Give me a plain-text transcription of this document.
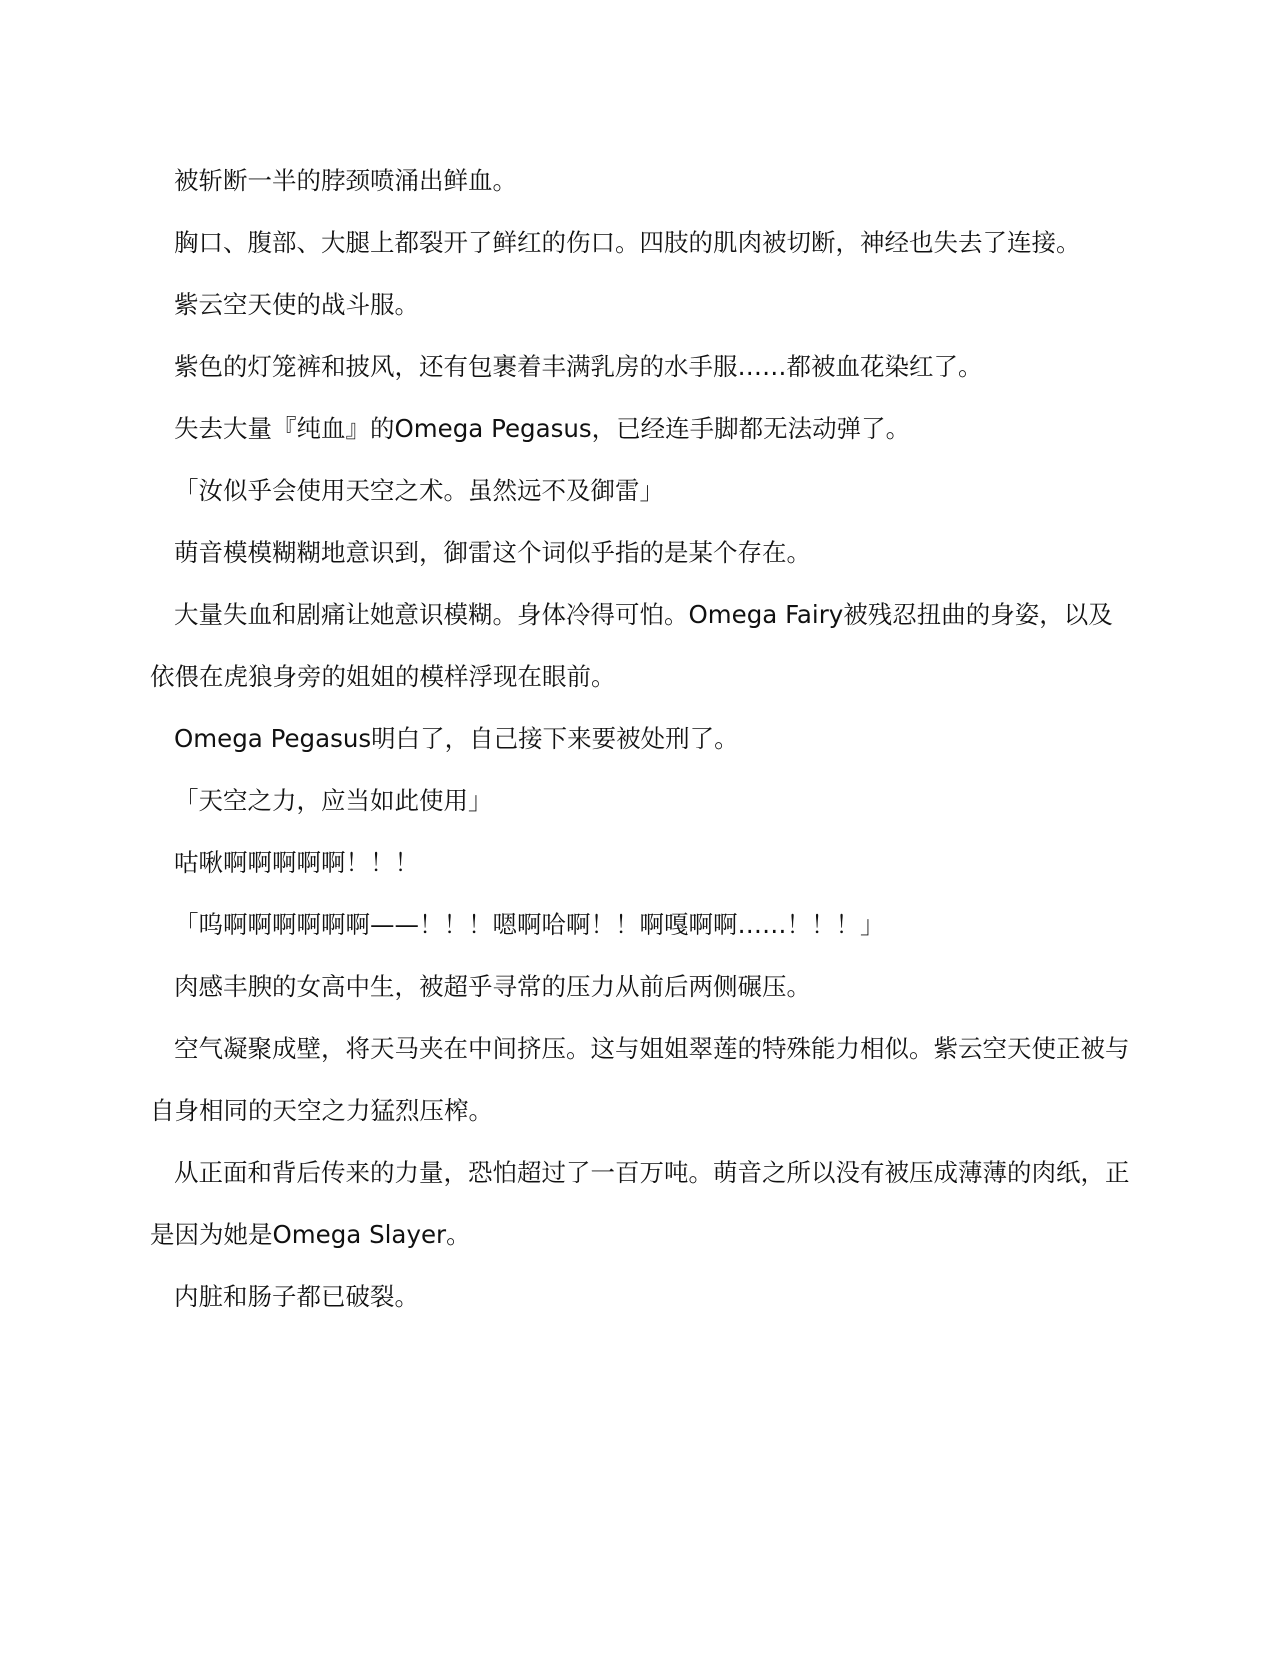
被斩断一半的脖颈喷涌出鲜血。

胸口、腹部、大腿上都裂开了鲜红的伤口。四肢的肌肉被切断，神经也失去了连接。

紫云空天使的战斗服。

紫色的灯笼裤和披风，还有包裹着丰满乳房的水手服……都被血花染红了。

失去大量『纯血』的Omega Pegasus，已经连手脚都无法动弹了。

「汝似乎会使用天空之术。虽然远不及御雷」

萌音模模糊糊地意识到，御雷这个词似乎指的是某个存在。

大量失血和剧痛让她意识模糊。身体冷得可怕。Omega Fairy被残忍扭曲的身姿，以及依偎在虎狼身旁的姐姐的模样浮现在眼前。

Omega Pegasus明白了，自己接下来要被处刑了。

「天空之力，应当如此使用」

咕啾啊啊啊啊啊！！！

「呜啊啊啊啊啊啊——！！！嗯啊哈啊！！啊嘎啊啊……！！！」

肉感丰腴的女高中生，被超乎寻常的压力从前后两侧碾压。

空气凝聚成壁，将天马夹在中间挤压。这与姐姐翠莲的特殊能力相似。紫云空天使正被与自身相同的天空之力猛烈压榨。

从正面和背后传来的力量，恐怕超过了一百万吨。萌音之所以没有被压成薄薄的肉纸，正是因为她是Omega Slayer。

内脏和肠子都已破裂。
